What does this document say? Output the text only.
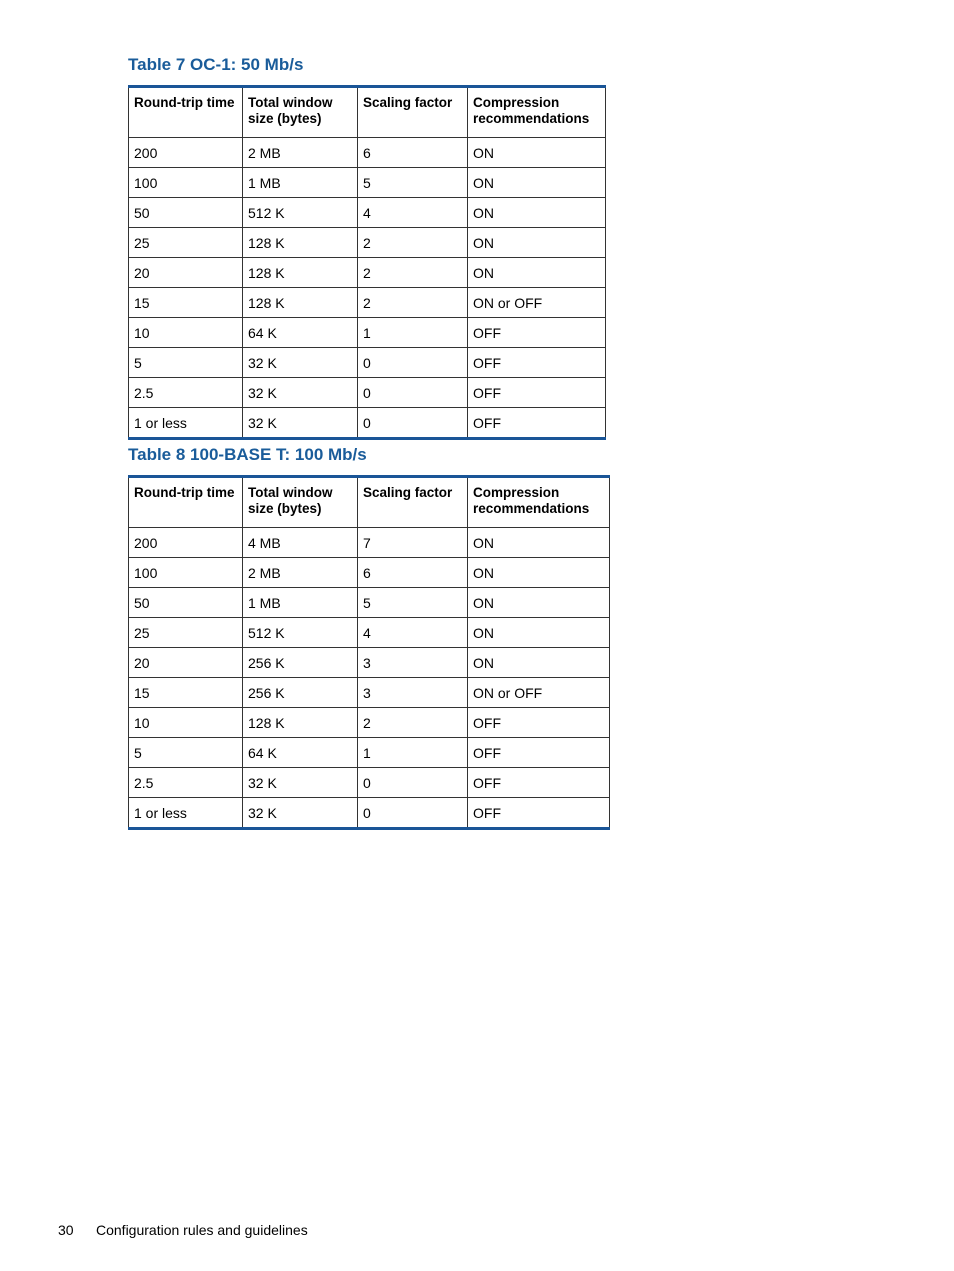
Table 7 OC-1: 50 Mb/s
Round-trip time	Total window size (bytes)	Scaling factor	Compression recommendations
200	2 MB	6	ON
100	1 MB	5	ON
50	512 K	4	ON
25	128 K	2	ON
20	128 K	2	ON
15	128 K	2	ON or OFF
10	64 K	1	OFF
5	32 K	0	OFF
2.5	32 K	0	OFF
1 or less	32 K	0	OFF
Table 8 100-BASE T: 100 Mb/s
Round-trip time	Total window size (bytes)	Scaling factor	Compression recommendations
200	4 MB	7	ON
100	2 MB	6	ON
50	1 MB	5	ON
25	512 K	4	ON
20	256 K	3	ON
15	256 K	3	ON or OFF
10	128 K	2	OFF
5	64 K	1	OFF
2.5	32 K	0	OFF
1 or less	32 K	0	OFF
30 Configuration rules and guidelines
